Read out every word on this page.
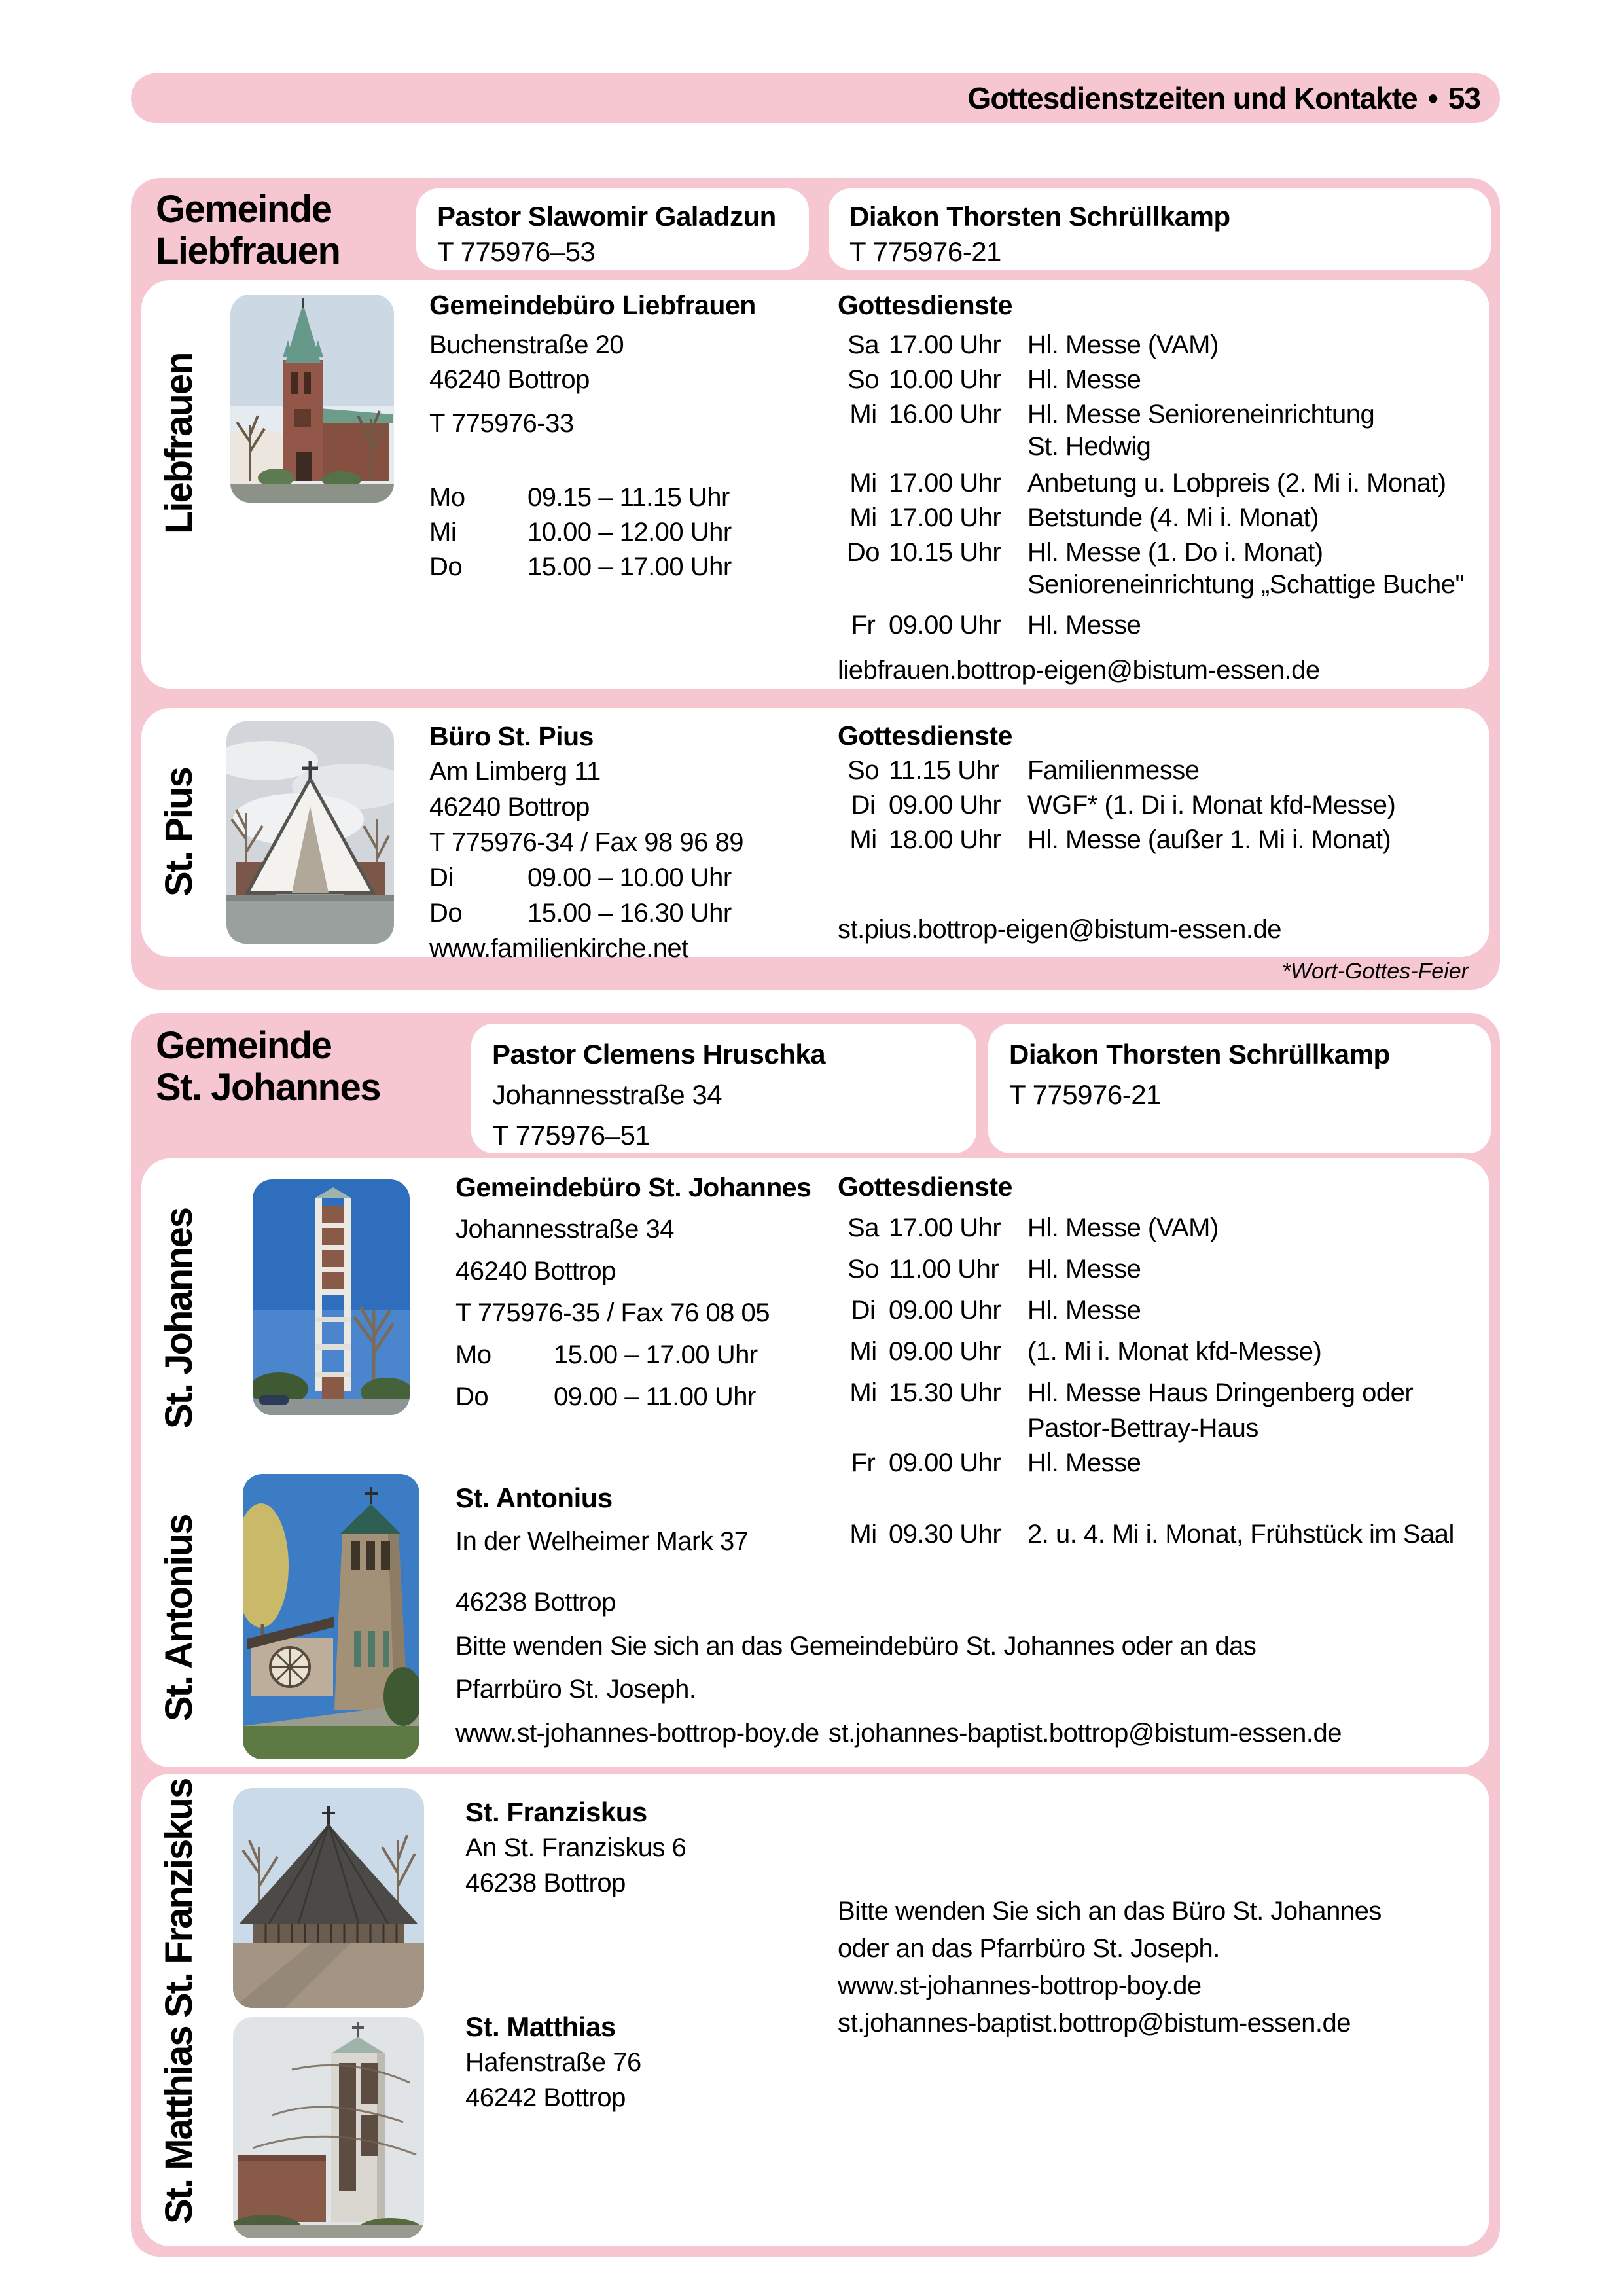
Gottesdienstzeiten und Kontakte • 53
Gemeinde
Liebfrauen
Pastor Slawomir Galadzun
T 775976–53
Diakon Thorsten Schrüllkamp
T 775976-21
Liebfrauen
Gemeindebüro Liebfrauen
Buchenstraße 20
46240 Bottrop
T 775976-33
Mo	09.15 – 11.15 Uhr
Mi	10.00 – 12.00 Uhr
Do	15.00 – 17.00 Uhr
Gottesdienste
Sa 17.00 Uhr	Hl. Messe (VAM)
So 10.00 Uhr	Hl. Messe
Mi 16.00 Uhr	Hl. Messe Senioreneinrichtung
St. Hedwig
Mi 17.00 Uhr	Anbetung u. Lobpreis (2. Mi i. Monat)
Mi 17.00 Uhr	Betstunde (4. Mi i. Monat)
Do 10.15 Uhr	Hl. Messe (1. Do i. Monat)
Senioreneinrichtung „Schattige Buche"
Fr 09.00 Uhr	Hl. Messe
liebfrauen.bottrop-eigen@bistum-essen.de
St. Pius
Büro St. Pius
Am Limberg 11
46240 Bottrop
T 775976-34 / Fax 98 96 89
Di	09.00 – 10.00 Uhr
Do	15.00 – 16.30 Uhr
www.familienkirche.net
Gottesdienste
So 11.15 Uhr	Familienmesse
Di 09.00 Uhr	WGF* (1. Di i. Monat kfd-Messe)
Mi 18.00 Uhr	Hl. Messe (außer 1. Mi i. Monat)
st.pius.bottrop-eigen@bistum-essen.de
*Wort-Gottes-Feier
Gemeinde
St. Johannes
Pastor Clemens Hruschka
Johannesstraße 34
T 775976–51
Diakon Thorsten Schrüllkamp
T 775976-21
St. Johannes
Gemeindebüro St. Johannes
Johannesstraße 34
46240 Bottrop
T 775976-35 / Fax 76 08 05
Mo	15.00 – 17.00 Uhr
Do	09.00 – 11.00 Uhr
Gottesdienste
Sa 17.00 Uhr	Hl. Messe (VAM)
So 11.00 Uhr	Hl. Messe
Di 09.00 Uhr	Hl. Messe
Mi 09.00 Uhr	(1. Mi i. Monat kfd-Messe)
Mi 15.30 Uhr	Hl. Messe Haus Dringenberg oder
Pastor-Bettray-Haus
Fr 09.00 Uhr	Hl. Messe
St. Antonius
St. Antonius
In der Welheimer Mark 37
46238 Bottrop
Mi 09.30 Uhr	2. u. 4. Mi i. Monat, Frühstück im Saal
Bitte wenden Sie sich an das Gemeindebüro St. Johannes oder an das
Pfarrbüro St. Joseph.
www.st-johannes-bottrop-boy.de st.johannes-baptist.bottrop@bistum-essen.de
St. Franziskus
St. Matthias
St. Franziskus
An St. Franziskus 6
46238 Bottrop
Bitte wenden Sie sich an das Büro St. Johannes
oder an das Pfarrbüro St. Joseph.
www.st-johannes-bottrop-boy.de
st.johannes-baptist.bottrop@bistum-essen.de
St. Matthias
Hafenstraße 76
46242 Bottrop
